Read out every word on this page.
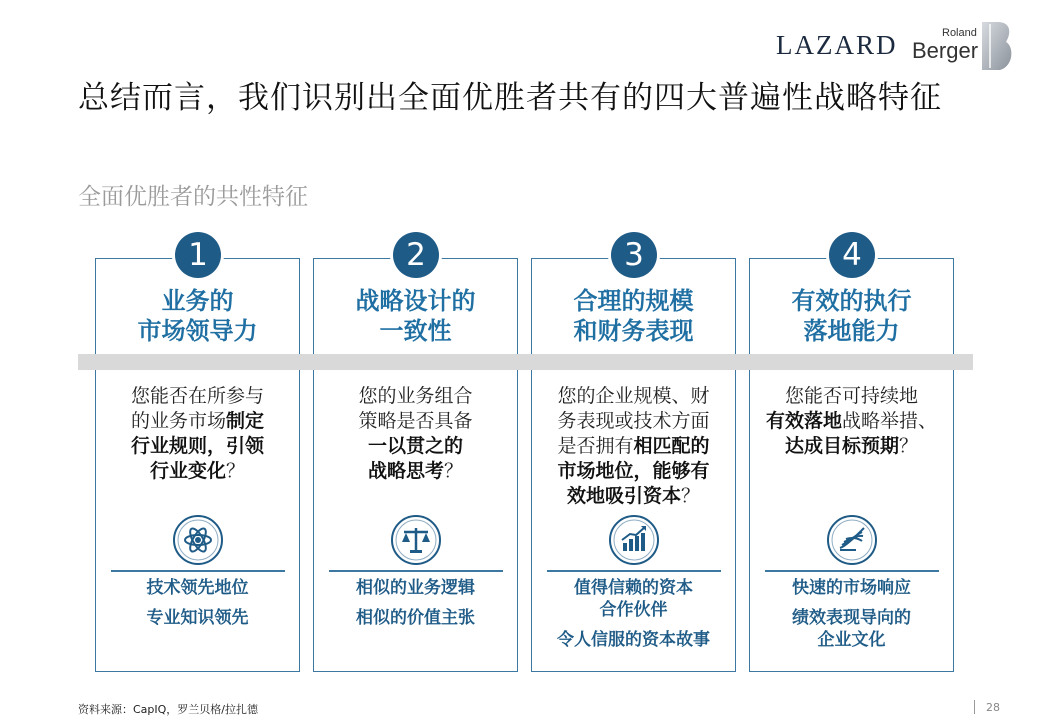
LAZARD	Roland
Berger
总结而言，我们识别出全面优胜者共有的四大普遍性战略特征
全面优胜者的共性特征
1	2	3	4
业务的
市场领导力
战略设计的
一致性
合理的规模
和财务表现
有效的执行
落地能力
您能否在所参与
的业务市场制定
行业规则，引领
行业变化？
您的业务组合
策略是否具备
一以贯之的
战略思考？
您的企业规模、财
务表现或技术方面
是否拥有相匹配的
市场地位，能够有
效地吸引资本？
您能否可持续地
有效落地战略举措、
达成目标预期？
技术领先地位
专业知识领先
相似的业务逻辑
相似的价值主张
值得信赖的资本
合作伙伴
令人信服的资本故事
快速的市场响应
绩效表现导向的
企业文化
资料来源：CapIQ，罗兰贝格/拉扎德	28
